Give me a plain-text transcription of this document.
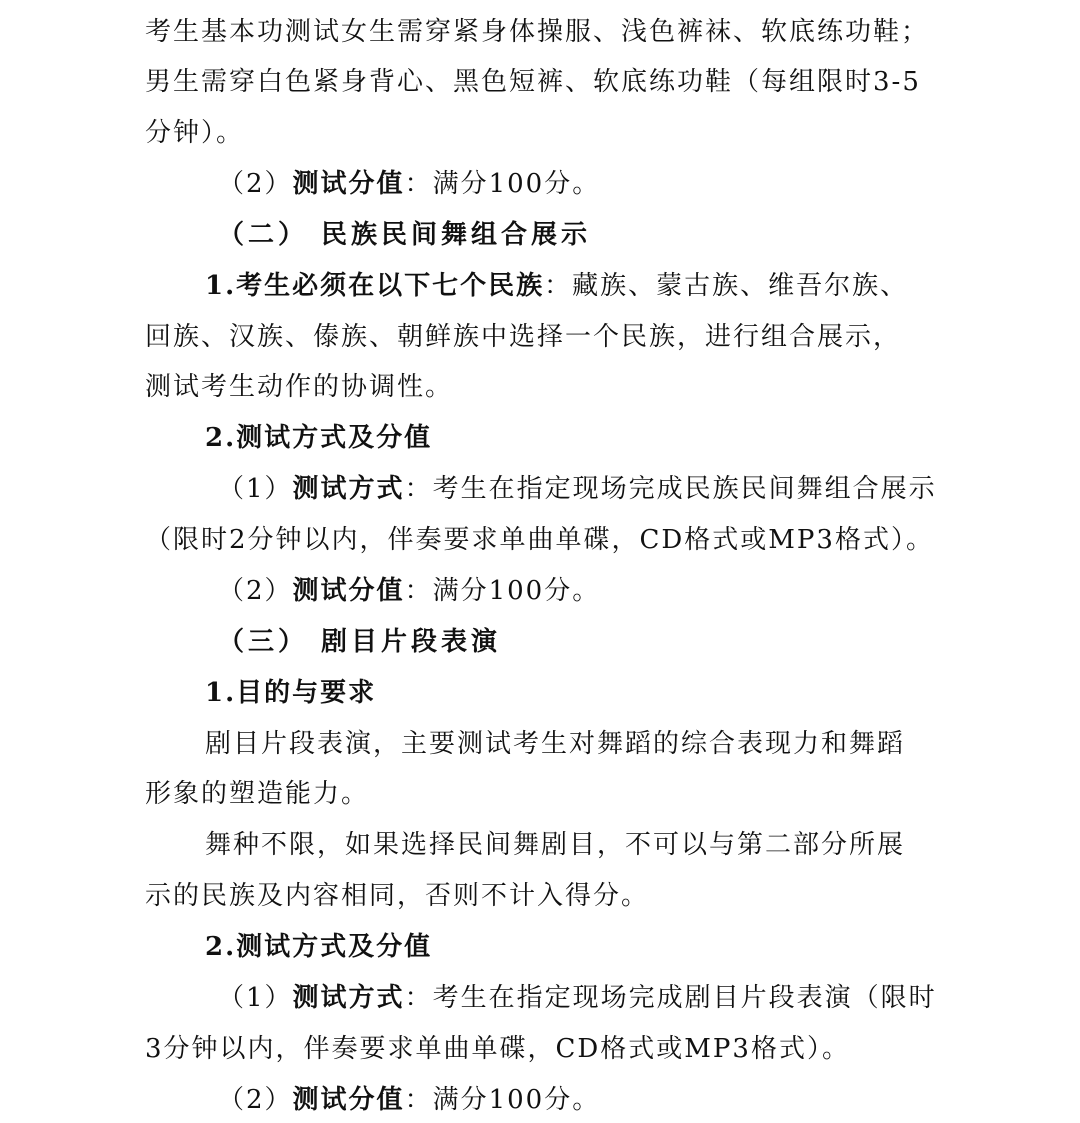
考生基本功测试女生需穿紧身体操服、浅色裤袜、软底练功鞋；
男生需穿白色紧身背心、黑色短裤、软底练功鞋（每组限时3-5
分钟）。
（2）测试分值：满分100分。
（二） 民族民间舞组合展示
1.考生必须在以下七个民族：藏族、蒙古族、维吾尔族、
回族、汉族、傣族、朝鲜族中选择一个民族，进行组合展示，
测试考生动作的协调性。
2.测试方式及分值
（1）测试方式：考生在指定现场完成民族民间舞组合展示
（限时2分钟以内，伴奏要求单曲单碟，CD格式或MP3格式）。
（2）测试分值：满分100分。
（三） 剧目片段表演
1.目的与要求
剧目片段表演，主要测试考生对舞蹈的综合表现力和舞蹈
形象的塑造能力。
舞种不限，如果选择民间舞剧目，不可以与第二部分所展
示的民族及内容相同，否则不计入得分。
2.测试方式及分值
（1）测试方式：考生在指定现场完成剧目片段表演（限时
3分钟以内，伴奏要求单曲单碟，CD格式或MP3格式）。
（2）测试分值：满分100分。
